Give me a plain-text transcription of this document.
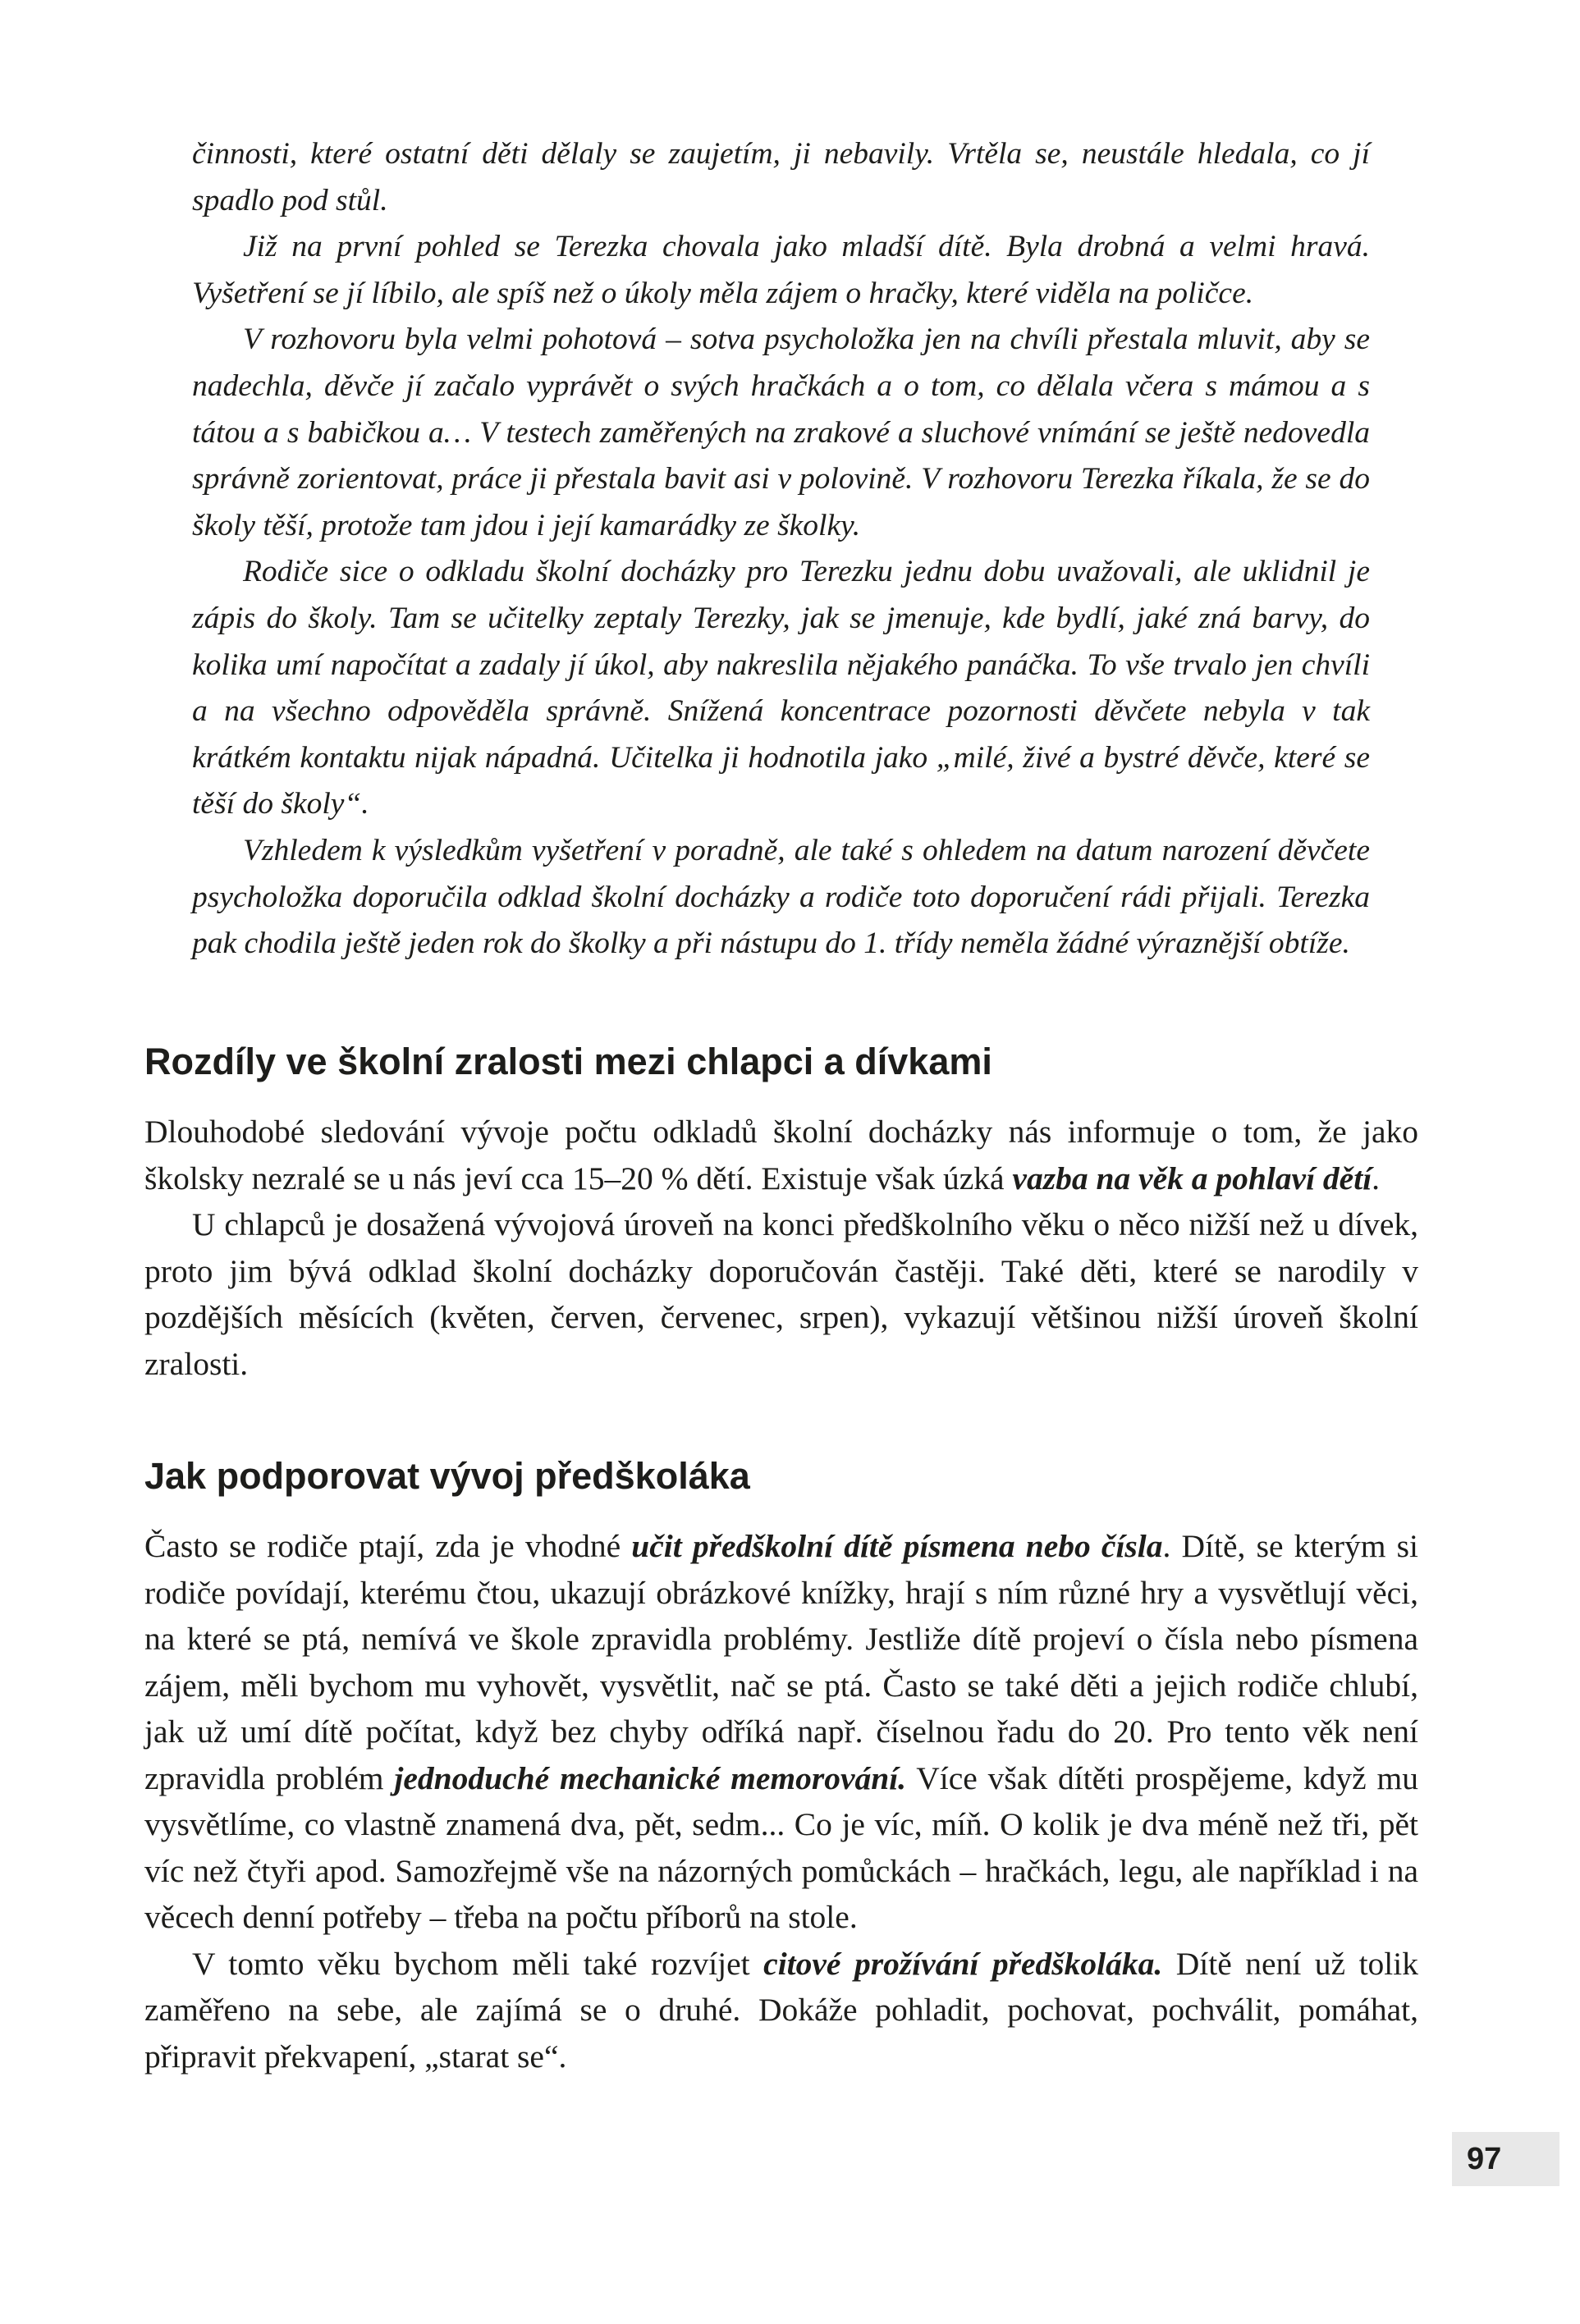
činnosti, které ostatní děti dělaly se zaujetím, ji nebavily. Vrtěla se, neustále hledala, co jí spadlo pod stůl.

Již na první pohled se Terezka chovala jako mladší dítě. Byla drobná a velmi hravá. Vyšetření se jí líbilo, ale spíš než o úkoly měla zájem o hračky, které viděla na poličce.

V rozhovoru byla velmi pohotová – sotva psycholožka jen na chvíli přestala mluvit, aby se nadechla, děvče jí začalo vyprávět o svých hračkách a o tom, co dělala včera s mámou a s tátou a s babičkou a… V testech zaměřených na zrakové a sluchové vnímání se ještě nedovedla správně zorientovat, práce ji přestala bavit asi v polovině. V rozhovoru Terezka říkala, že se do školy těší, protože tam jdou i její kamarádky ze školky.

Rodiče sice o odkladu školní docházky pro Terezku jednu dobu uvažovali, ale uklidnil je zápis do školy. Tam se učitelky zeptaly Terezky, jak se jmenuje, kde bydlí, jaké zná barvy, do kolika umí napočítat a zadaly jí úkol, aby nakreslila nějakého panáčka. To vše trvalo jen chvíli a na všechno odpověděla správně. Snížená koncentrace pozornosti děvčete nebyla v tak krátkém kontaktu nijak nápadná. Učitelka ji hodnotila jako „milé, živé a bystré děvče, které se těší do školy“.

Vzhledem k výsledkům vyšetření v poradně, ale také s ohledem na datum narození děvčete psycholožka doporučila odklad školní docházky a rodiče toto doporučení rádi přijali. Terezka pak chodila ještě jeden rok do školky a při nástupu do 1. třídy neměla žádné výraznější obtíže.

Rozdíly ve školní zralosti mezi chlapci a dívkami

Dlouhodobé sledování vývoje počtu odkladů školní docházky nás informuje o tom, že jako školsky nezralé se u nás jeví cca 15–20 % dětí. Existuje však úzká vazba na věk a pohlaví dětí.

U chlapců je dosažená vývojová úroveň na konci předškolního věku o něco nižší než u dívek, proto jim bývá odklad školní docházky doporučován častěji. Také děti, které se narodily v pozdějších měsících (květen, červen, červenec, srpen), vykazují většinou nižší úroveň školní zralosti.

Jak podporovat vývoj předškoláka

Často se rodiče ptají, zda je vhodné učit předškolní dítě písmena nebo čísla. Dítě, se kterým si rodiče povídají, kterému čtou, ukazují obrázkové knížky, hrají s ním různé hry a vysvětlují věci, na které se ptá, nemívá ve škole zpravidla problémy. Jestliže dítě projeví o čísla nebo písmena zájem, měli bychom mu vyhovět, vysvětlit, nač se ptá. Často se také děti a jejich rodiče chlubí, jak už umí dítě počítat, když bez chyby odříká např. číselnou řadu do 20. Pro tento věk není zpravidla problém jednoduché mechanické memorování. Více však dítěti prospějeme, když mu vysvětlíme, co vlastně znamená dva, pět, sedm... Co je víc, míň. O kolik je dva méně než tři, pět víc než čtyři apod. Samozřejmě vše na názorných pomůckách – hračkách, legu, ale například i na věcech denní potřeby – třeba na počtu příborů na stole.

V tomto věku bychom měli také rozvíjet citové prožívání předškoláka. Dítě není už tolik zaměřeno na sebe, ale zajímá se o druhé. Dokáže pohladit, pochovat, pochválit, pomáhat, připravit překvapení, „starat se“.

97
